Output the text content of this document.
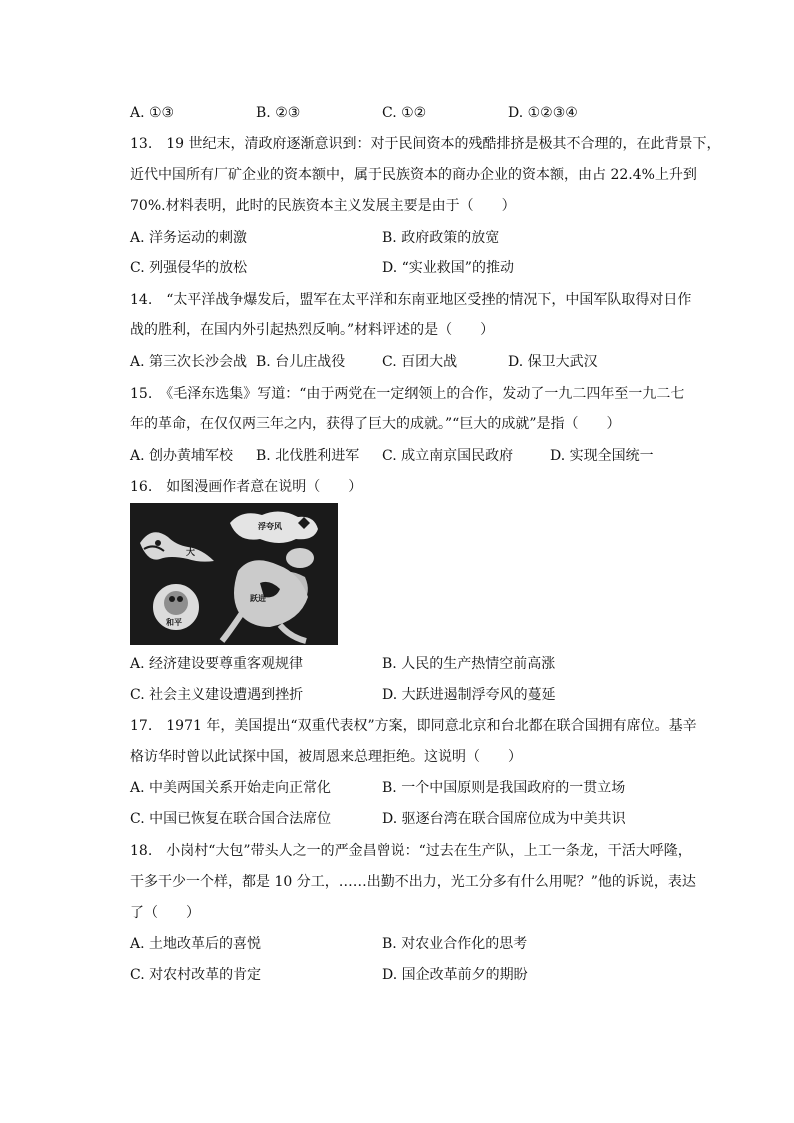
A. ①③	B. ②③	C. ①②	D. ①②③④
13.　19 世纪末，清政府逐渐意识到：对于民间资本的残酷排挤是极其不合理的，在此背景下，
近代中国所有厂矿企业的资本额中，属于民族资本的商办企业的资本额，由占 22.4%上升到
70%.材料表明，此时的民族资本主义发展主要是由于（　　）
A. 洋务运动的刺激	B. 政府政策的放宽
C. 列强侵华的放松	D. “实业救国”的推动
14.　“太平洋战争爆发后，盟军在太平洋和东南亚地区受挫的情况下，中国军队取得对日作
战的胜利，在国内外引起热烈反响。”材料评述的是（　　）
A. 第三次长沙会战 B. 台儿庄战役	C. 百团大战	D. 保卫大武汉
15.　《毛泽东选集》写道：“由于两党在一定纲领上的合作，发动了一九二四年至一九二七
年的革命，在仅仅两三年之内，获得了巨大的成就。”“巨大的成就”是指（　　）
A. 创办黄埔军校 B. 北伐胜利进军 C. 成立南京国民政府	D. 实现全国统一
16.　如图漫画作者意在说明（　　）
大
跃进
浮夸风
和平
A. 经济建设要尊重客观规律	B. 人民的生产热情空前高涨
C. 社会主义建设遭遇到挫折	D. 大跃进遏制浮夸风的蔓延
17.　1971 年，美国提出“双重代表权”方案，即同意北京和台北都在联合国拥有席位。基辛
格访华时曾以此试探中国，被周恩来总理拒绝。这说明（　　）
A. 中美两国关系开始走向正常化	B. 一个中国原则是我国政府的一贯立场
C. 中国已恢复在联合国合法席位	D. 驱逐台湾在联合国席位成为中美共识
18.　小岗村“大包”带头人之一的严金昌曾说：“过去在生产队，上工一条龙，干活大呼隆，
干多干少一个样，都是 10 分工，……出勤不出力，光工分多有什么用呢？”他的诉说，表达
了（　　）
A. 土地改革后的喜悦	B. 对农业合作化的思考
C. 对农村改革的肯定	D. 国企改革前夕的期盼
